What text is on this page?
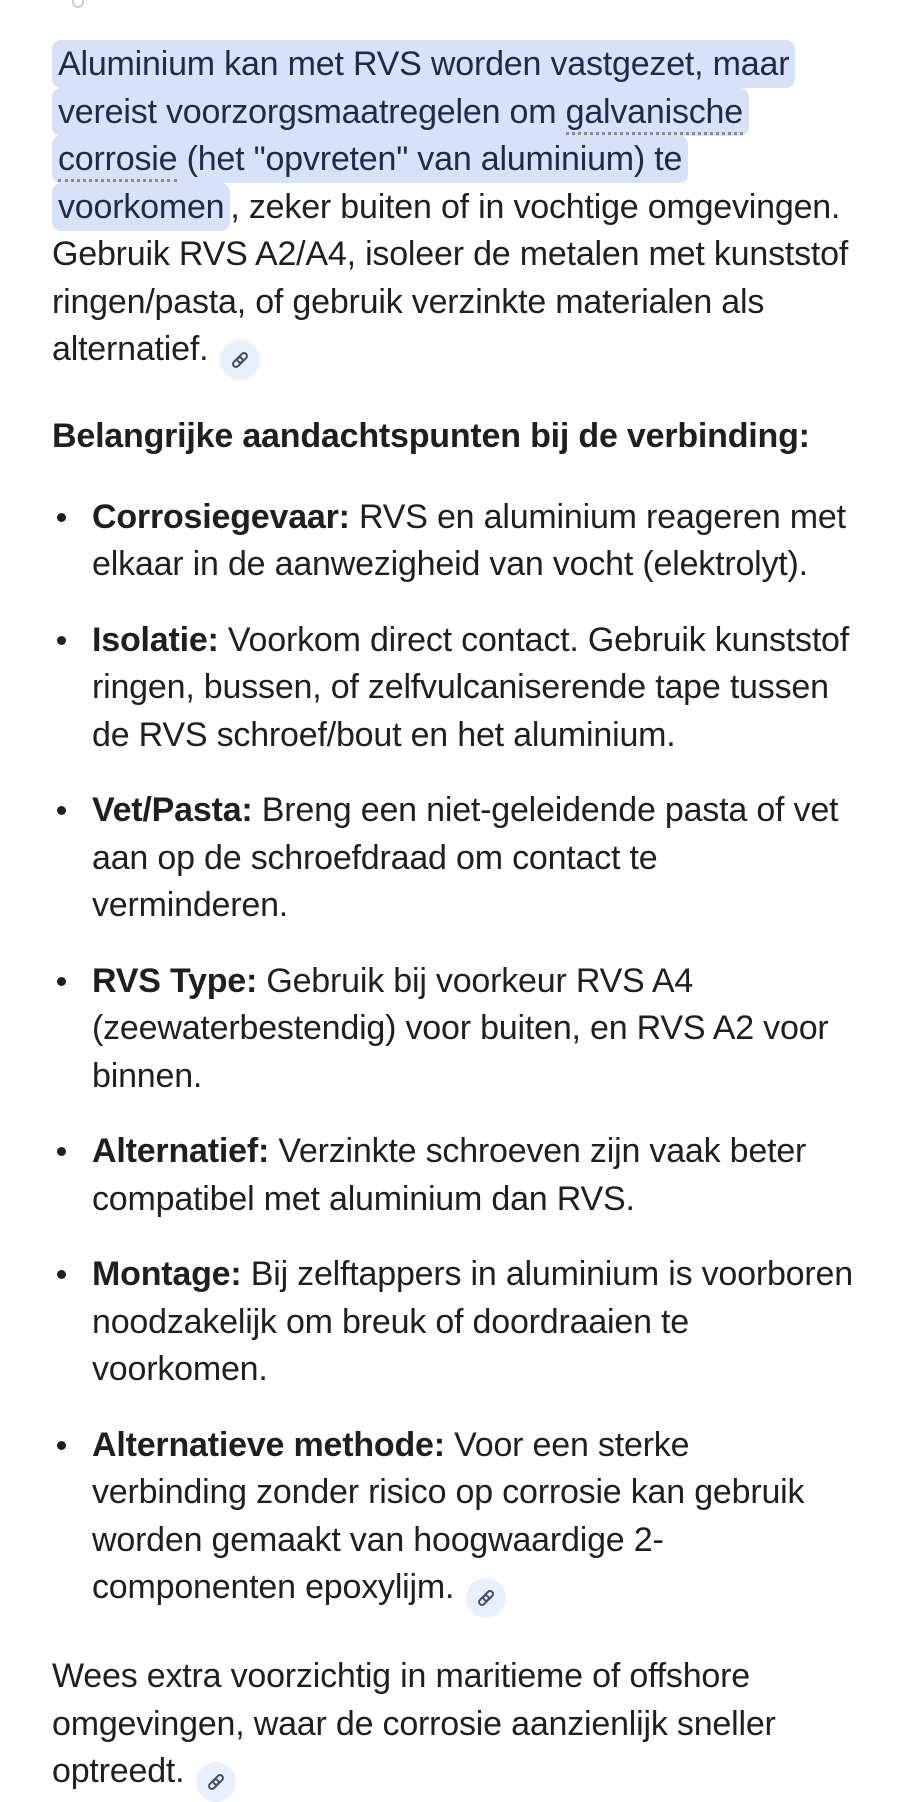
Aluminium kan met RVS worden vastgezet, maar vereist voorzorgsmaatregelen om galvanische corrosie (het "opvreten" van aluminium) te voorkomen , zeker buiten of in vochtige omgevingen. Gebruik RVS A2/A4, isoleer de metalen met kunststof ringen/pasta, of gebruik verzinkte materialen als alternatief.

Belangrijke aandachtspunten bij de verbinding:
Corrosiegevaar: RVS en aluminium reageren met elkaar in de aanwezigheid van vocht (elektrolyt).
Isolatie: Voorkom direct contact. Gebruik kunststof ringen, bussen, of zelfvulcaniserende tape tussen de RVS schroef/bout en het aluminium.
Vet/Pasta: Breng een niet-geleidende pasta of vet aan op de schroefdraad om contact te verminderen.
RVS Type: Gebruik bij voorkeur RVS A4 (zeewaterbestendig) voor buiten, en RVS A2 voor binnen.
Alternatief: Verzinkte schroeven zijn vaak beter compatibel met aluminium dan RVS.
Montage: Bij zelftappers in aluminium is voorboren noodzakelijk om breuk of doordraaien te voorkomen.
Alternatieve methode: Voor een sterke verbinding zonder risico op corrosie kan gebruik worden gemaakt van hoogwaardige 2-componenten epoxylijm.

Wees extra voorzichtig in maritieme of offshore omgevingen, waar de corrosie aanzienlijk sneller optreedt.
